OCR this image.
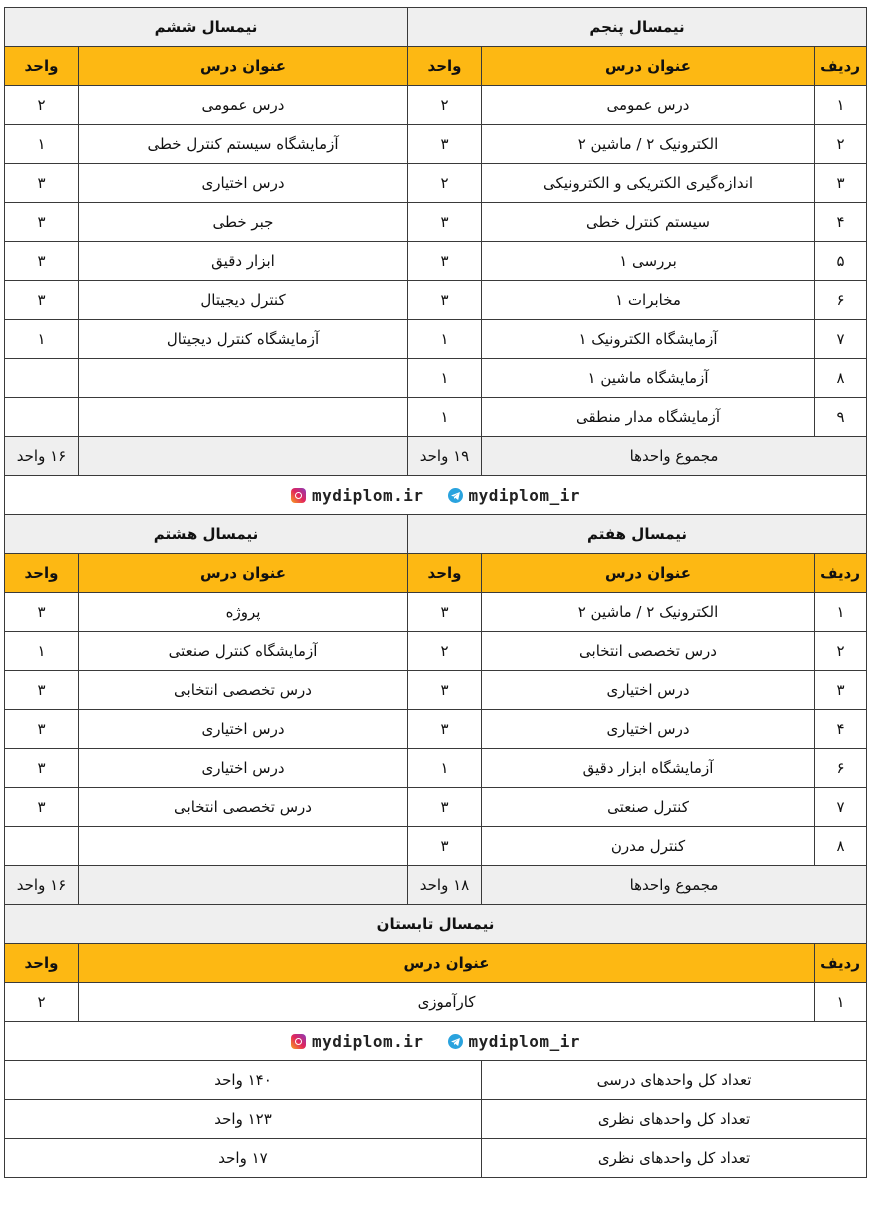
نیمسال ششم		نیمسال پنجم		
واحد	عنوان درس	واحد	عنوان درس	ردیف
۲	درس عمومی	۲	درس عمومی	۱
۱	آزمایشگاه سیستم کنترل خطی	۳	الکترونیک ۲ / ماشین ۲	۲
۳	درس اختیاری	۲	اندازه‌گیری الکتریکی و الکترونیکی	۳
۳	جبر خطی	۳	سیستم کنترل خطی	۴
۳	ابزار دقیق	۳	بررسی ۱	۵
۳	کنترل دیجیتال	۳	مخابرات ۱	۶
۱	آزمایشگاه کنترل دیجیتال	۱	آزمایشگاه الکترونیک ۱	۷
		۱	آزمایشگاه ماشین ۱	۸
		۱	آزمایشگاه مدار منطقی	۹
۱۶ واحد		۱۹ واحد	مجموع واحدها	

mydiplom.ir mydiplom_ir				

نیمسال هشتم		نیمسال هفتم		
واحد	عنوان درس	واحد	عنوان درس	ردیف
۳	پروژه	۳	الکترونیک ۲ / ماشین ۲	۱
۱	آزمایشگاه کنترل صنعتی	۲	درس تخصصی انتخابی	۲
۳	درس تخصصی انتخابی	۳	درس اختیاری	۳
۳	درس اختیاری	۳	درس اختیاری	۴
۳	درس اختیاری	۱	آزمایشگاه ابزار دقیق	۶
۳	درس تخصصی انتخابی	۳	کنترل صنعتی	۷
		۳	کنترل مدرن	۸
۱۶ واحد		۱۸ واحد	مجموع واحدها	
نیمسال تابستان				
واحد	عنوان درس			ردیف
۲	کارآموزی			۱

mydiplom.ir mydiplom_ir				

۱۴۰ واحد			تعداد کل واحدهای درسی	
۱۲۳ واحد			تعداد کل واحدهای نظری	
۱۷ واحد			تعداد کل واحدهای نظری	
